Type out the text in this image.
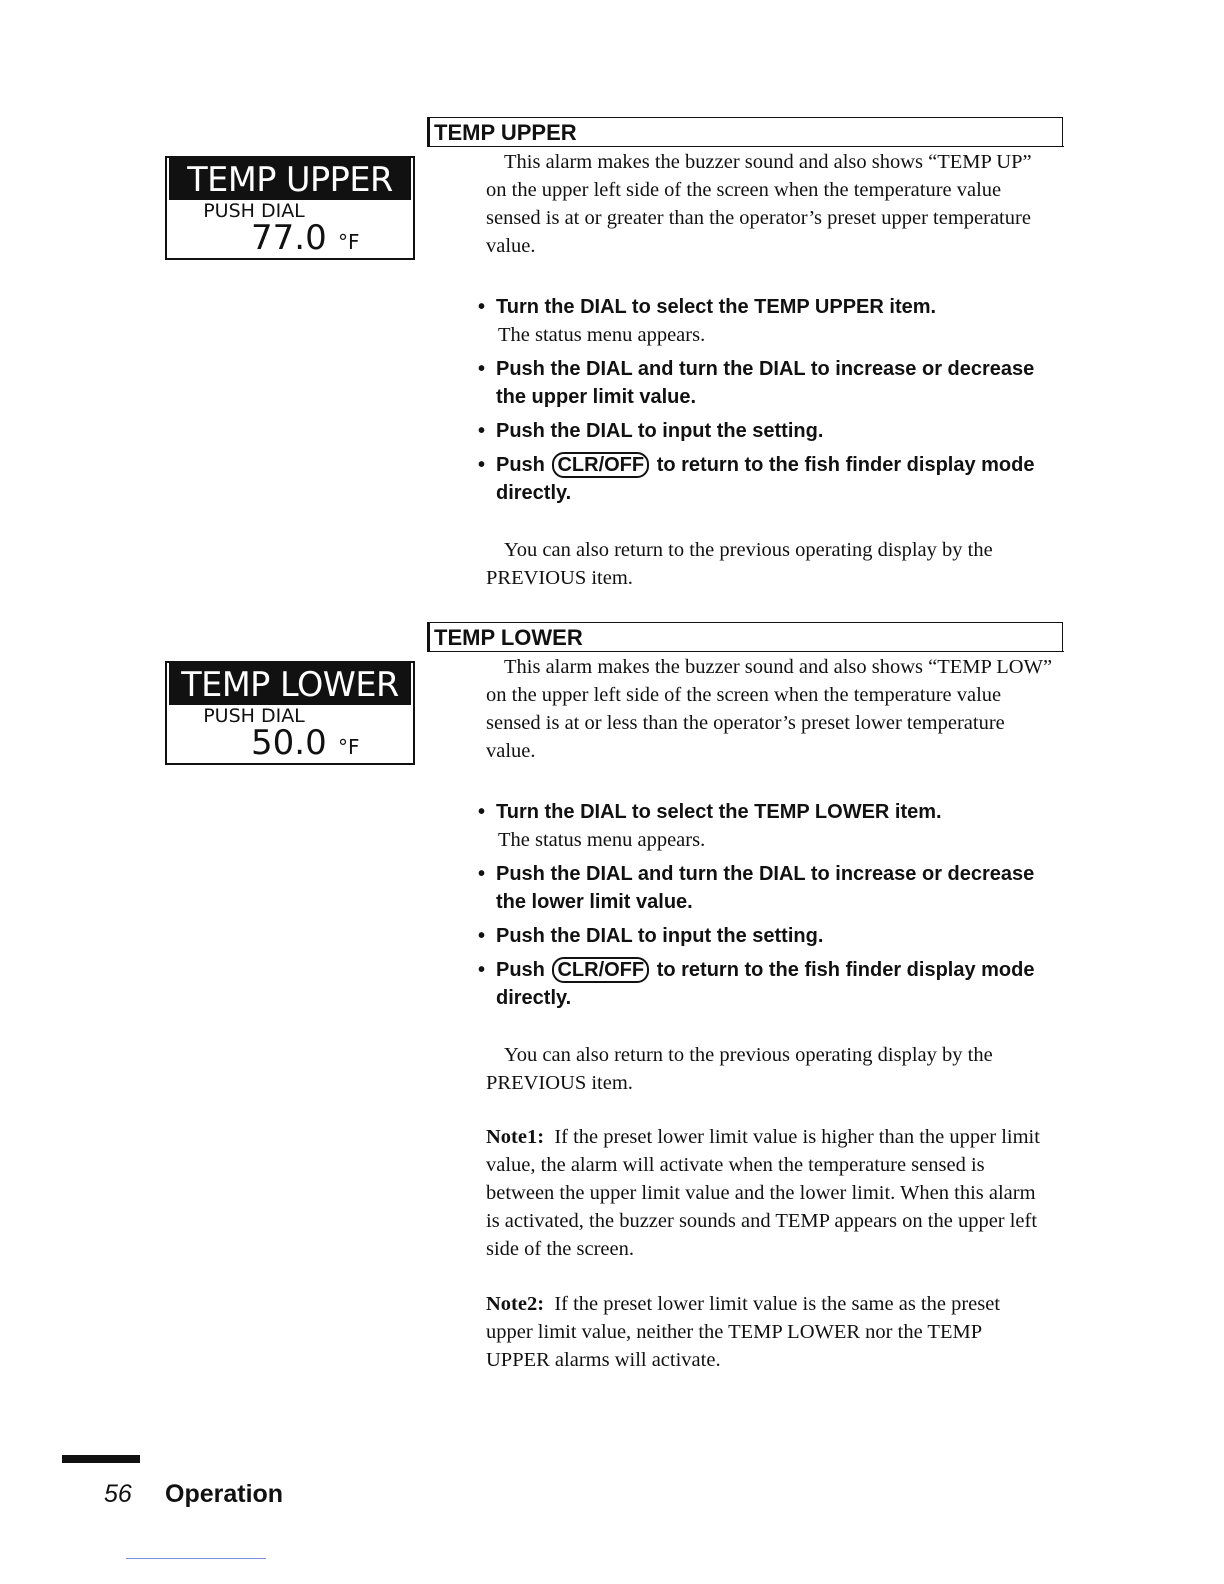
TEMP UPPER
PUSH DIAL
77.0 °F
TEMP UPPER
This alarm makes the buzzer sound and also shows “TEMP UP” on the upper left side of the screen when the temperature value sensed is at or greater than the operator’s preset upper temperature value.
• Turn the DIAL to select the TEMP UPPER item.
The status menu appears.
• Push the DIAL and turn the DIAL to increase or decrease the upper limit value.
• Push the DIAL to input the setting.
• Push CLR/OFF to return to the fish finder display mode directly.
You can also return to the previous operating display by the PREVIOUS item.
TEMP LOWER
PUSH DIAL
50.0 °F
TEMP LOWER
This alarm makes the buzzer sound and also shows “TEMP LOW” on the upper left side of the screen when the temperature value sensed is at or less than the operator’s preset lower temperature value.
• Turn the DIAL to select the TEMP LOWER item.
The status menu appears.
• Push the DIAL and turn the DIAL to increase or decrease the lower limit value.
• Push the DIAL to input the setting.
• Push CLR/OFF to return to the fish finder display mode directly.
You can also return to the previous operating display by the PREVIOUS item.
Note1: If the preset lower limit value is higher than the upper limit value, the alarm will activate when the temperature sensed is between the upper limit value and the lower limit. When this alarm is activated, the buzzer sounds and TEMP appears on the upper left side of the screen.
Note2: If the preset lower limit value is the same as the preset upper limit value, neither the TEMP LOWER nor the TEMP UPPER alarms will activate.
56 Operation
